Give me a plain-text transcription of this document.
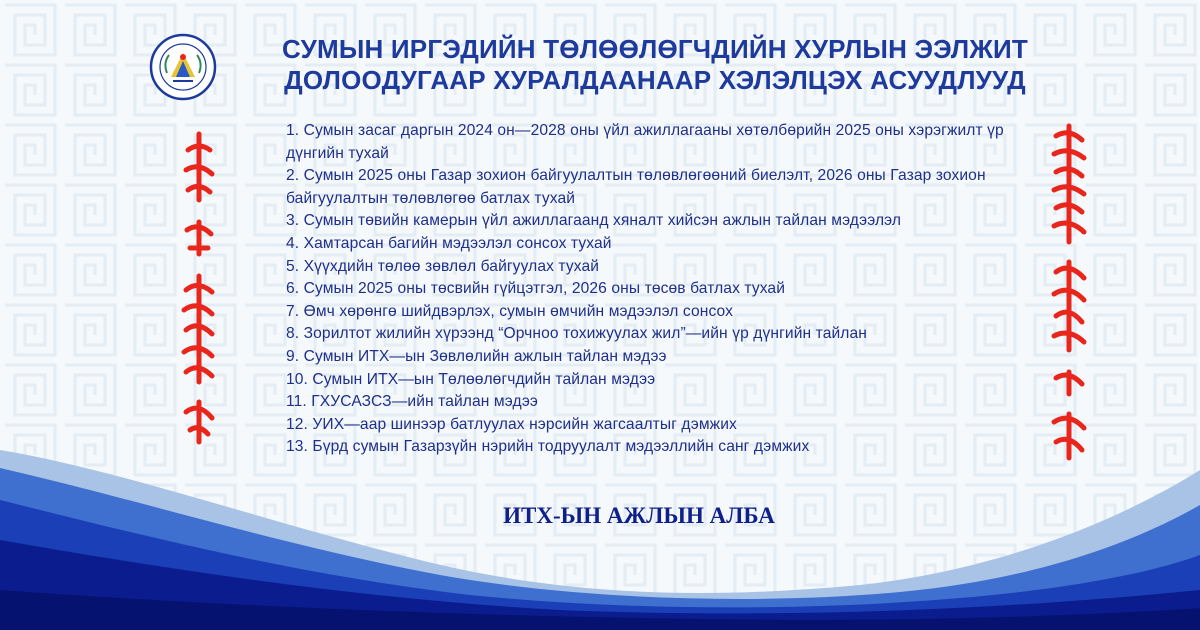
СУМЫН ИРГЭДИЙН ТӨЛӨӨЛӨГЧДИЙН ХУРЛЫН ЭЭЛЖИТ
ДОЛООДУГААР ХУРАЛДААНААР ХЭЛЭЛЦЭХ АСУУДЛУУД
1. Сумын засаг даргын 2024 он—2028 оны үйл ажиллагааны хөтөлбөрийн 2025 оны хэрэгжилт үр дүнгийн тухай
2. Сумын 2025 оны Газар зохион байгуулалтын төлөвлөгөөний биелэлт, 2026 оны Газар зохион байгуулалтын төлөвлөгөө батлах тухай
3. Сумын төвийн камерын үйл ажиллагаанд хяналт хийсэн ажлын тайлан мэдээлэл
4. Хамтарсан багийн мэдээлэл сонсох тухай
5. Хүүхдийн төлөө зөвлөл байгуулах тухай
6. Сумын 2025 оны төсвийн гүйцэтгэл, 2026 оны төсөв батлах тухай
7. Өмч хөрөнгө шийдвэрлэх, сумын өмчийн мэдээлэл сонсох
8. Зорилтот жилийн хүрээнд “Орчноо тохижуулах жил”—ийн үр дүнгийн тайлан
9. Сумын ИТХ—ын Зөвлөлийн ажлын тайлан мэдээ
10. Сумын ИТХ—ын Төлөөлөгчдийн тайлан мэдээ
11. ГХУСАЗСЗ—ийн тайлан мэдээ
12. УИХ—аар шинээр батлуулах нэрсийн жагсаалтыг дэмжих
13. Бүрд сумын Газарзүйн нэрийн тодруулалт мэдээллийн санг дэмжих
ИТХ-ЫН АЖЛЫН АЛБА
